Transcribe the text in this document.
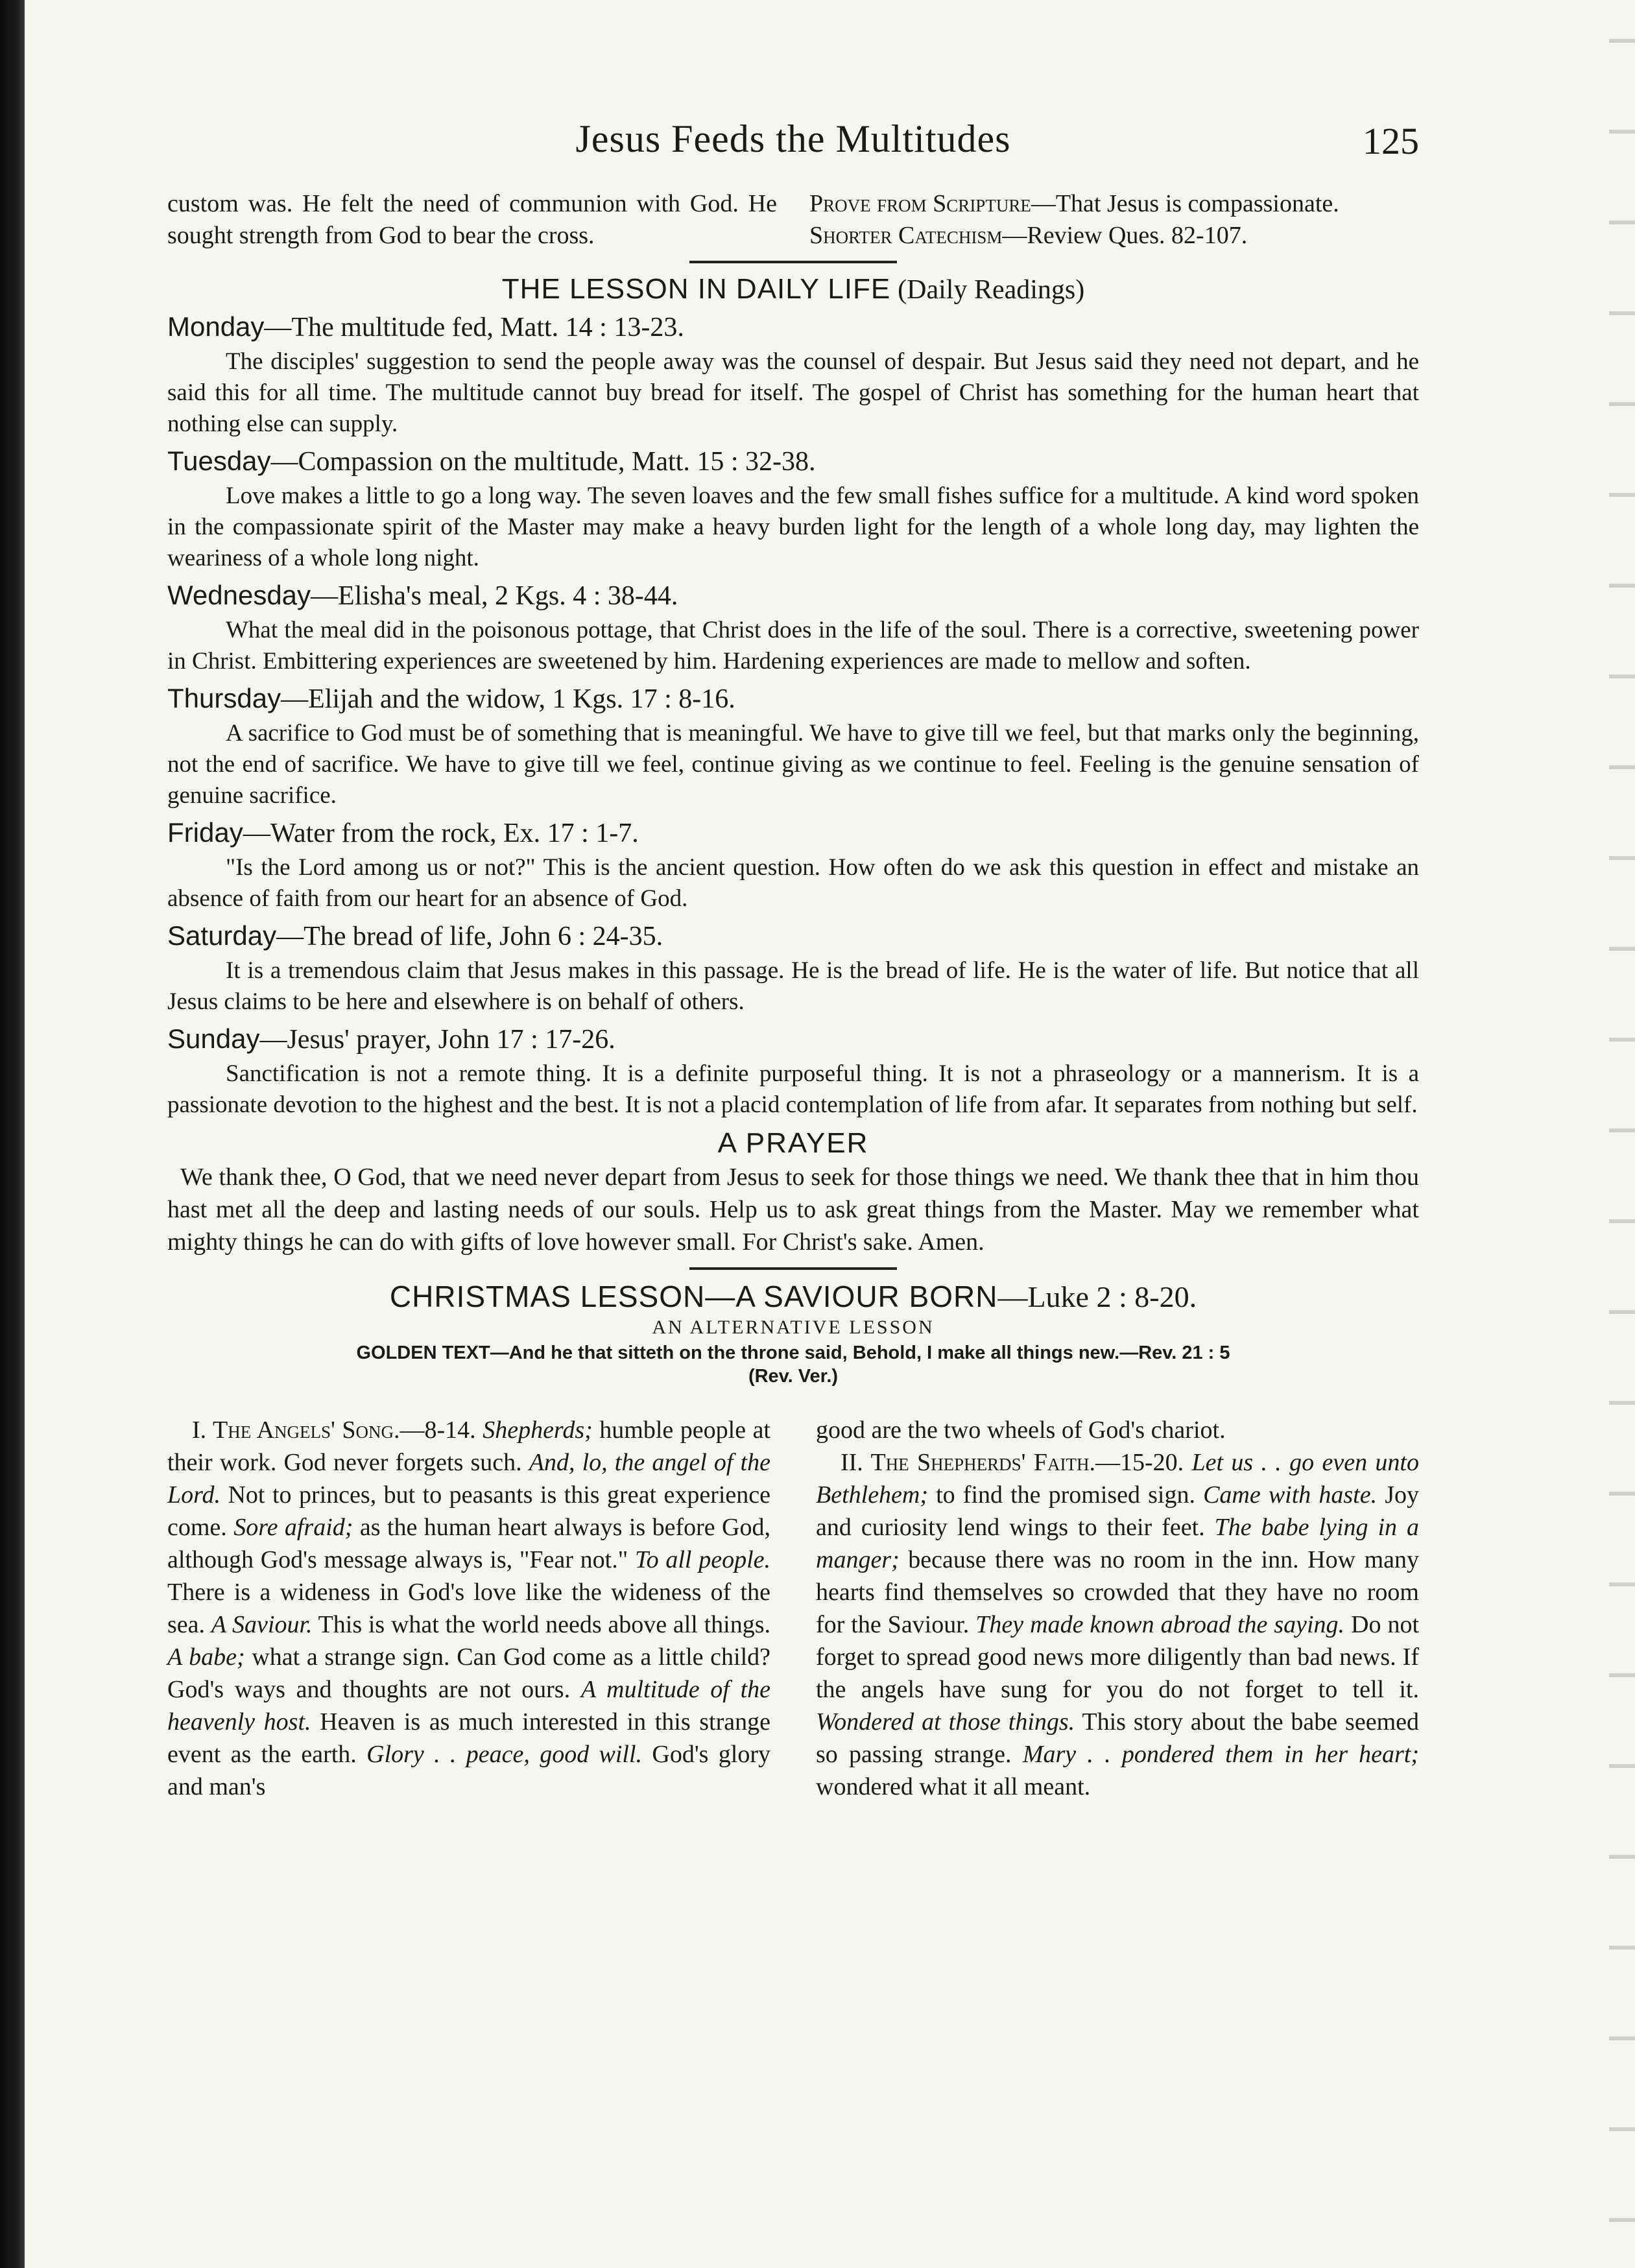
Jesus Feeds the Multitudes	125

custom was. He felt the need of communion with God. He sought strength from God to bear the cross.

Prove from Scripture—That Jesus is compassionate.

Shorter Catechism—Review Ques. 82-107.

THE LESSON IN DAILY LIFE (Daily Readings)
Monday—The multitude fed, Matt. 14 : 13-23.

The disciples' suggestion to send the people away was the counsel of despair. But Jesus said they need not depart, and he said this for all time. The multitude cannot buy bread for itself. The gospel of Christ has something for the human heart that nothing else can supply.

Tuesday—Compassion on the multitude, Matt. 15 : 32-38.

Love makes a little to go a long way. The seven loaves and the few small fishes suffice for a multitude. A kind word spoken in the compassionate spirit of the Master may make a heavy burden light for the length of a whole long day, may lighten the weariness of a whole long night.

Wednesday—Elisha's meal, 2 Kgs. 4 : 38-44.

What the meal did in the poisonous pottage, that Christ does in the life of the soul. There is a corrective, sweetening power in Christ. Embittering experiences are sweetened by him. Hardening experiences are made to mellow and soften.

Thursday—Elijah and the widow, 1 Kgs. 17 : 8-16.

A sacrifice to God must be of something that is meaningful. We have to give till we feel, but that marks only the beginning, not the end of sacrifice. We have to give till we feel, continue giving as we continue to feel. Feeling is the genuine sensation of genuine sacrifice.

Friday—Water from the rock, Ex. 17 : 1-7.

"Is the Lord among us or not?" This is the ancient question. How often do we ask this question in effect and mistake an absence of faith from our heart for an absence of God.

Saturday—The bread of life, John 6 : 24-35.

It is a tremendous claim that Jesus makes in this passage. He is the bread of life. He is the water of life. But notice that all Jesus claims to be here and elsewhere is on behalf of others.

Sunday—Jesus' prayer, John 17 : 17-26.

Sanctification is not a remote thing. It is a definite purposeful thing. It is not a phraseology or a mannerism. It is a passionate devotion to the highest and the best. It is not a placid contemplation of life from afar. It separates from nothing but self.

A PRAYER

We thank thee, O God, that we need never depart from Jesus to seek for those things we need. We thank thee that in him thou hast met all the deep and lasting needs of our souls. Help us to ask great things from the Master. May we remember what mighty things he can do with gifts of love however small. For Christ's sake. Amen.

CHRISTMAS LESSON—A SAVIOUR BORN—Luke 2 : 8-20.
AN ALTERNATIVE LESSON
GOLDEN TEXT—And he that sitteth on the throne said, Behold, I make all things new.—Rev. 21 : 5
(Rev. Ver.)

I. The Angels' Song.—8-14. Shepherds; humble people at their work. God never forgets such. And, lo, the angel of the Lord. Not to princes, but to peasants is this great experience come. Sore afraid; as the human heart always is before God, although God's message always is, "Fear not." To all people. There is a wideness in God's love like the wideness of the sea. A Saviour. This is what the world needs above all things. A babe; what a strange sign. Can God come as a little child? God's ways and thoughts are not ours. A multitude of the heavenly host. Heaven is as much interested in this strange event as the earth. Glory . . peace, good will. God's glory and man's

good are the two wheels of God's chariot.

II. The Shepherds' Faith.—15-20. Let us . . go even unto Bethlehem; to find the promised sign. Came with haste. Joy and curiosity lend wings to their feet. The babe lying in a manger; because there was no room in the inn. How many hearts find themselves so crowded that they have no room for the Saviour. They made known abroad the saying. Do not forget to spread good news more diligently than bad news. If the angels have sung for you do not forget to tell it. Wondered at those things. This story about the babe seemed so passing strange. Mary . . pondered them in her heart; wondered what it all meant.
